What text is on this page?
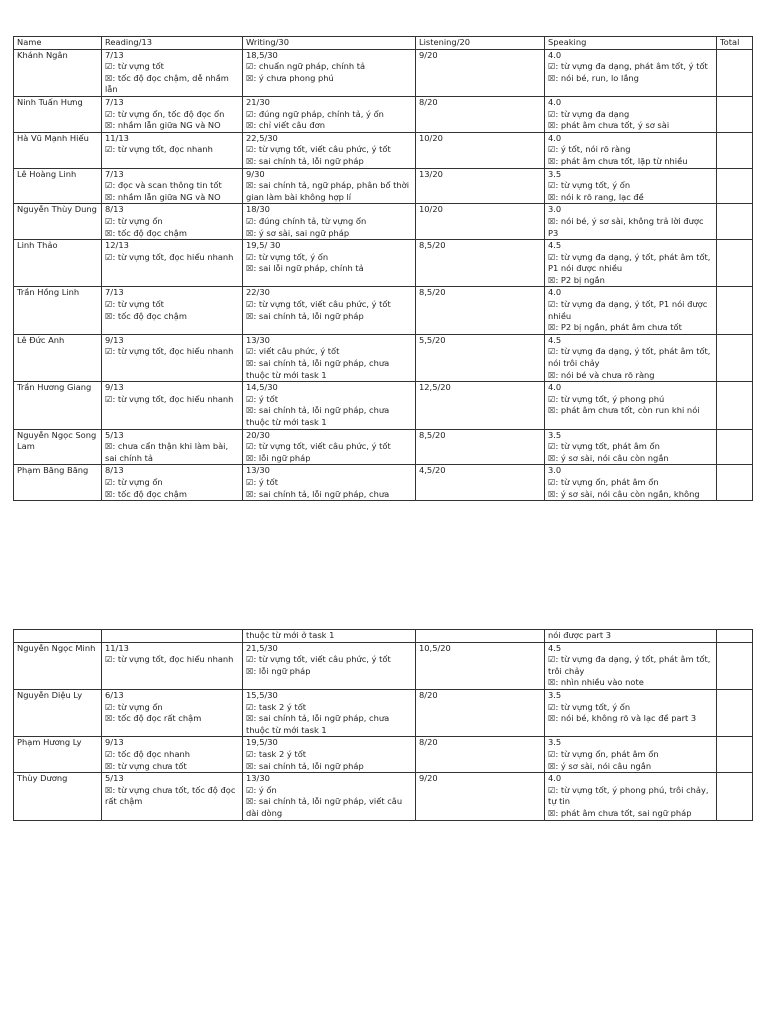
Name	Reading/13	Writing/30	Listening/20	Speaking	Total

Khánh Ngân	7/13
☑: từ vựng tốt
☒: tốc độ đọc chậm, dễ nhầm lẫn	18,5/30
☑: chuẩn ngữ pháp, chính tả
☒: ý chưa phong phú	9/20	4.0
☑: từ vựng đa dạng, phát âm tốt, ý tốt
☒: nói bé, run, lo lắng	

Ninh Tuấn Hưng	7/13
☑: từ vựng ổn, tốc độ đọc ổn
☒: nhầm lẫn giữa NG và NO	21/30
☑: đúng ngữ pháp, chính tả, ý ổn
☒: chỉ viết câu đơn	8/20	4.0
☑: từ vựng đa dạng
☒: phát âm chưa tốt, ý sơ sài	

Hà Vũ Mạnh Hiếu	11/13
☑: từ vựng tốt, đọc nhanh	22,5/30
☑: từ vựng tốt, viết câu phức, ý tốt
☒: sai chính tả, lỗi ngữ pháp	10/20	4.0
☑: ý tốt, nói rõ ràng
☒: phát âm chưa tốt, lặp từ nhiều	

Lê Hoàng Linh	7/13
☑: đọc và scan thông tin tốt
☒: nhầm lẫn giữa NG và NO	9/30
☒: sai chính tả, ngữ pháp, phân bổ thời gian làm bài không hợp lí	13/20	3.5
☑: từ vựng tốt, ý ổn
☒: nói k rõ rang, lạc đề	

Nguyễn Thùy Dung	8/13
☑: từ vựng ổn
☒: tốc độ đọc chậm	18/30
☑: đúng chính tả, từ vựng ổn
☒: ý sơ sài, sai ngữ pháp	10/20	3.0
☒: nói bé, ý sơ sài, không trả lời được P3	

Linh Thảo	12/13
☑: từ vựng tốt, đọc hiểu nhanh	19,5/ 30
☑: từ vựng tốt, ý ổn
☒: sai lỗi ngữ pháp, chính tả	8,5/20	4.5
☑: từ vựng đa dạng, ý tốt, phát âm tốt, P1 nói được nhiều
☒: P2 bị ngắn	

Trần Hồng Linh	7/13
☑: từ vựng tốt
☒: tốc độ đọc chậm	22/30
☑: từ vựng tốt, viết câu phức, ý tốt
☒: sai chính tả, lỗi ngữ pháp	8,5/20	4.0
☑: từ vựng đa dạng, ý tốt, P1 nói được nhiều
☒: P2 bị ngắn, phát âm chưa tốt	

Lê Đức Anh	9/13
☑: từ vựng tốt, đọc hiểu nhanh	13/30
☑: viết câu phức, ý tốt
☒: sai chính tả, lỗi ngữ pháp, chưa thuộc từ mới task 1	5,5/20	4.5
☑: từ vựng đa dạng, ý tốt, phát âm tốt, nói trôi chảy
☒: nói bé và chưa rõ ràng	

Trần Hương Giang	9/13
☑: từ vựng tốt, đọc hiểu nhanh	14,5/30
☑: ý tốt
☒: sai chính tả, lỗi ngữ pháp, chưa thuộc từ mới task 1	12,5/20	4.0
☑: từ vựng tốt, ý phong phú
☒: phát âm chưa tốt, còn run khi nói	

Nguyễn Ngọc Song Lam	5/13
☒: chưa cẩn thận khi làm bài, sai chính tả	20/30
☑: từ vựng tốt, viết câu phức, ý tốt
☒: lỗi ngữ pháp	8,5/20	3.5
☑: từ vựng tốt, phát âm ổn
☒: ý sơ sài, nói câu còn ngắn	

Phạm Băng Băng	8/13
☑: từ vựng ổn
☒: tốc độ đọc chậm	13/30
☑: ý tốt
☒: sai chính tả, lỗi ngữ pháp, chưa	4,5/20	3.0
☑: từ vựng ổn, phát âm ổn
☒: ý sơ sài, nói câu còn ngắn, không	

		thuộc từ mới ở task 1		nói được part 3	

Nguyễn Ngọc Minh	11/13
☑: từ vựng tốt, đọc hiểu nhanh	21,5/30
☑: từ vựng tốt, viết câu phức, ý tốt
☒: lỗi ngữ pháp	10,5/20	4.5
☑: từ vựng đa dạng, ý tốt, phát âm tốt, trôi chảy
☒: nhìn nhiều vào note	

Nguyễn Diệu Ly	6/13
☑: từ vựng ổn
☒: tốc độ đọc rất chậm	15,5/30
☑: task 2 ý tốt
☒: sai chính tả, lỗi ngữ pháp, chưa thuộc từ mới task 1	8/20	3.5
☑: từ vựng tốt, ý ổn
☒: nói bé, không rõ và lạc đề part 3	

Phạm Hương Ly	9/13
☑: tốc độ đọc nhanh
☒: từ vựng chưa tốt	19,5/30
☑: task 2 ý tốt
☒: sai chính tả, lỗi ngữ pháp	8/20	3.5
☑: từ vựng ổn, phát âm ổn
☒: ý sơ sài, nói câu ngắn	

Thùy Dương	5/13
☒: từ vựng chưa tốt, tốc độ đọc rất chậm	13/30
☑: ý ổn
☒: sai chính tả, lỗi ngữ pháp, viết câu dài dòng	9/20	4.0
☑: từ vựng tốt, ý phong phú, trôi chảy, tự tin
☒: phát âm chưa tốt, sai ngữ pháp	
